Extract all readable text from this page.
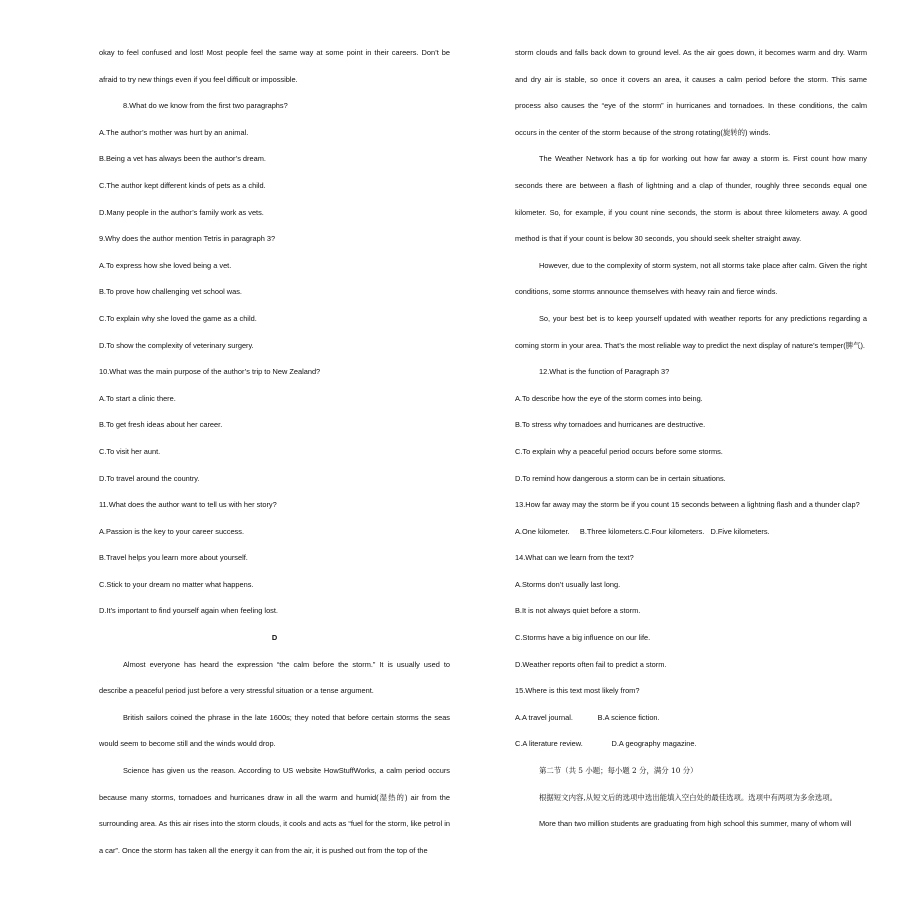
okay to feel confused and lost! Most people feel the same way at some point in their careers. Don’t be afraid to try new things even if you feel difficult or impossible.

8.What do we know from the first two paragraphs?

A.The author’s mother was hurt by an animal.

B.Being a vet has always been the author’s dream.

C.The author kept different kinds of pets as a child.

D.Many people in the author’s family work as vets.

9.Why does the author mention Tetris in paragraph 3?

A.To express how she loved being a vet.

B.To prove how challenging vet school was.

C.To explain why she loved the game as a child.

D.To show the complexity of veterinary surgery.

10.What was the main purpose of the author’s trip to New Zealand?

A.To start a clinic there.

B.To get fresh ideas about her career.

C.To visit her aunt.

D.To travel around the country.

11.What does the author want to tell us with her story?

A.Passion is the key to your career success.

B.Travel helps you learn more about yourself.

C.Stick to your dream no matter what happens.

D.It’s important to find yourself again when feeling lost.

D

Almost everyone has heard the expression “the calm before the storm.” It is usually used to describe a peaceful period just before a very stressful situation or a tense argument.

British sailors coined the phrase in the late 1600s; they noted that before certain storms the seas would seem to become still and the winds would drop.

Science has given us the reason. According to US website HowStuffWorks, a calm period occurs because many storms, tornadoes and hurricanes draw in all the warm and humid(湿热的) air from the surrounding area. As this air rises into the storm clouds, it cools and acts as “fuel for the storm, like petrol in a car”. Once the storm has taken all the energy it can from the air, it is pushed out from the top of the

storm clouds and falls back down to ground level. As the air goes down, it becomes warm and dry. Warm and dry air is stable, so once it covers an area, it causes a calm period before the storm. This same process also causes the “eye of the storm” in hurricanes and tornadoes. In these conditions, the calm occurs in the center of the storm because of the strong rotating(旋转的) winds.

The Weather Network has a tip for working out how far away a storm is. First count how many seconds there are between a flash of lightning and a clap of thunder, roughly three seconds equal one kilometer. So, for example, if you count nine seconds, the storm is about three kilometers away. A good method is that if your count is below 30 seconds, you should seek shelter straight away.

However, due to the complexity of storm system, not all storms take place after calm. Given the right conditions, some storms announce themselves with heavy rain and fierce winds.

So, your best bet is to keep yourself updated with weather reports for any predictions regarding a coming storm in your area. That’s the most reliable way to predict the next display of nature’s temper(脾气).

12.What is the function of Paragraph 3?

A.To describe how the eye of the storm comes into being.

B.To stress why tornadoes and hurricanes are destructive.

C.To explain why a peaceful period occurs before some storms.

D.To remind how dangerous a storm can be in certain situations.

13.How far away may the storm be if you count 15 seconds between a lightning flash and a thunder clap?

A.One kilometer.     B.Three kilometers.C.Four kilometers.   D.Five kilometers.

14.What can we learn from the text?

A.Storms don’t usually last long.

B.It is not always quiet before a storm.

C.Storms have a big influence on our life.

D.Weather reports often fail to predict a storm.

15.Where is this text most likely from?

A.A travel journal.            B.A science fiction.

C.A literature review.              D.A geography magazine.

第二节（共 5 小题；每小题 2 分，满分 10 分）

根据短文内容,从短文后的选项中选出能填入空白处的最佳选项。选项中有两项为多余选项。

More than two million students are graduating from high school this summer, many of whom will
